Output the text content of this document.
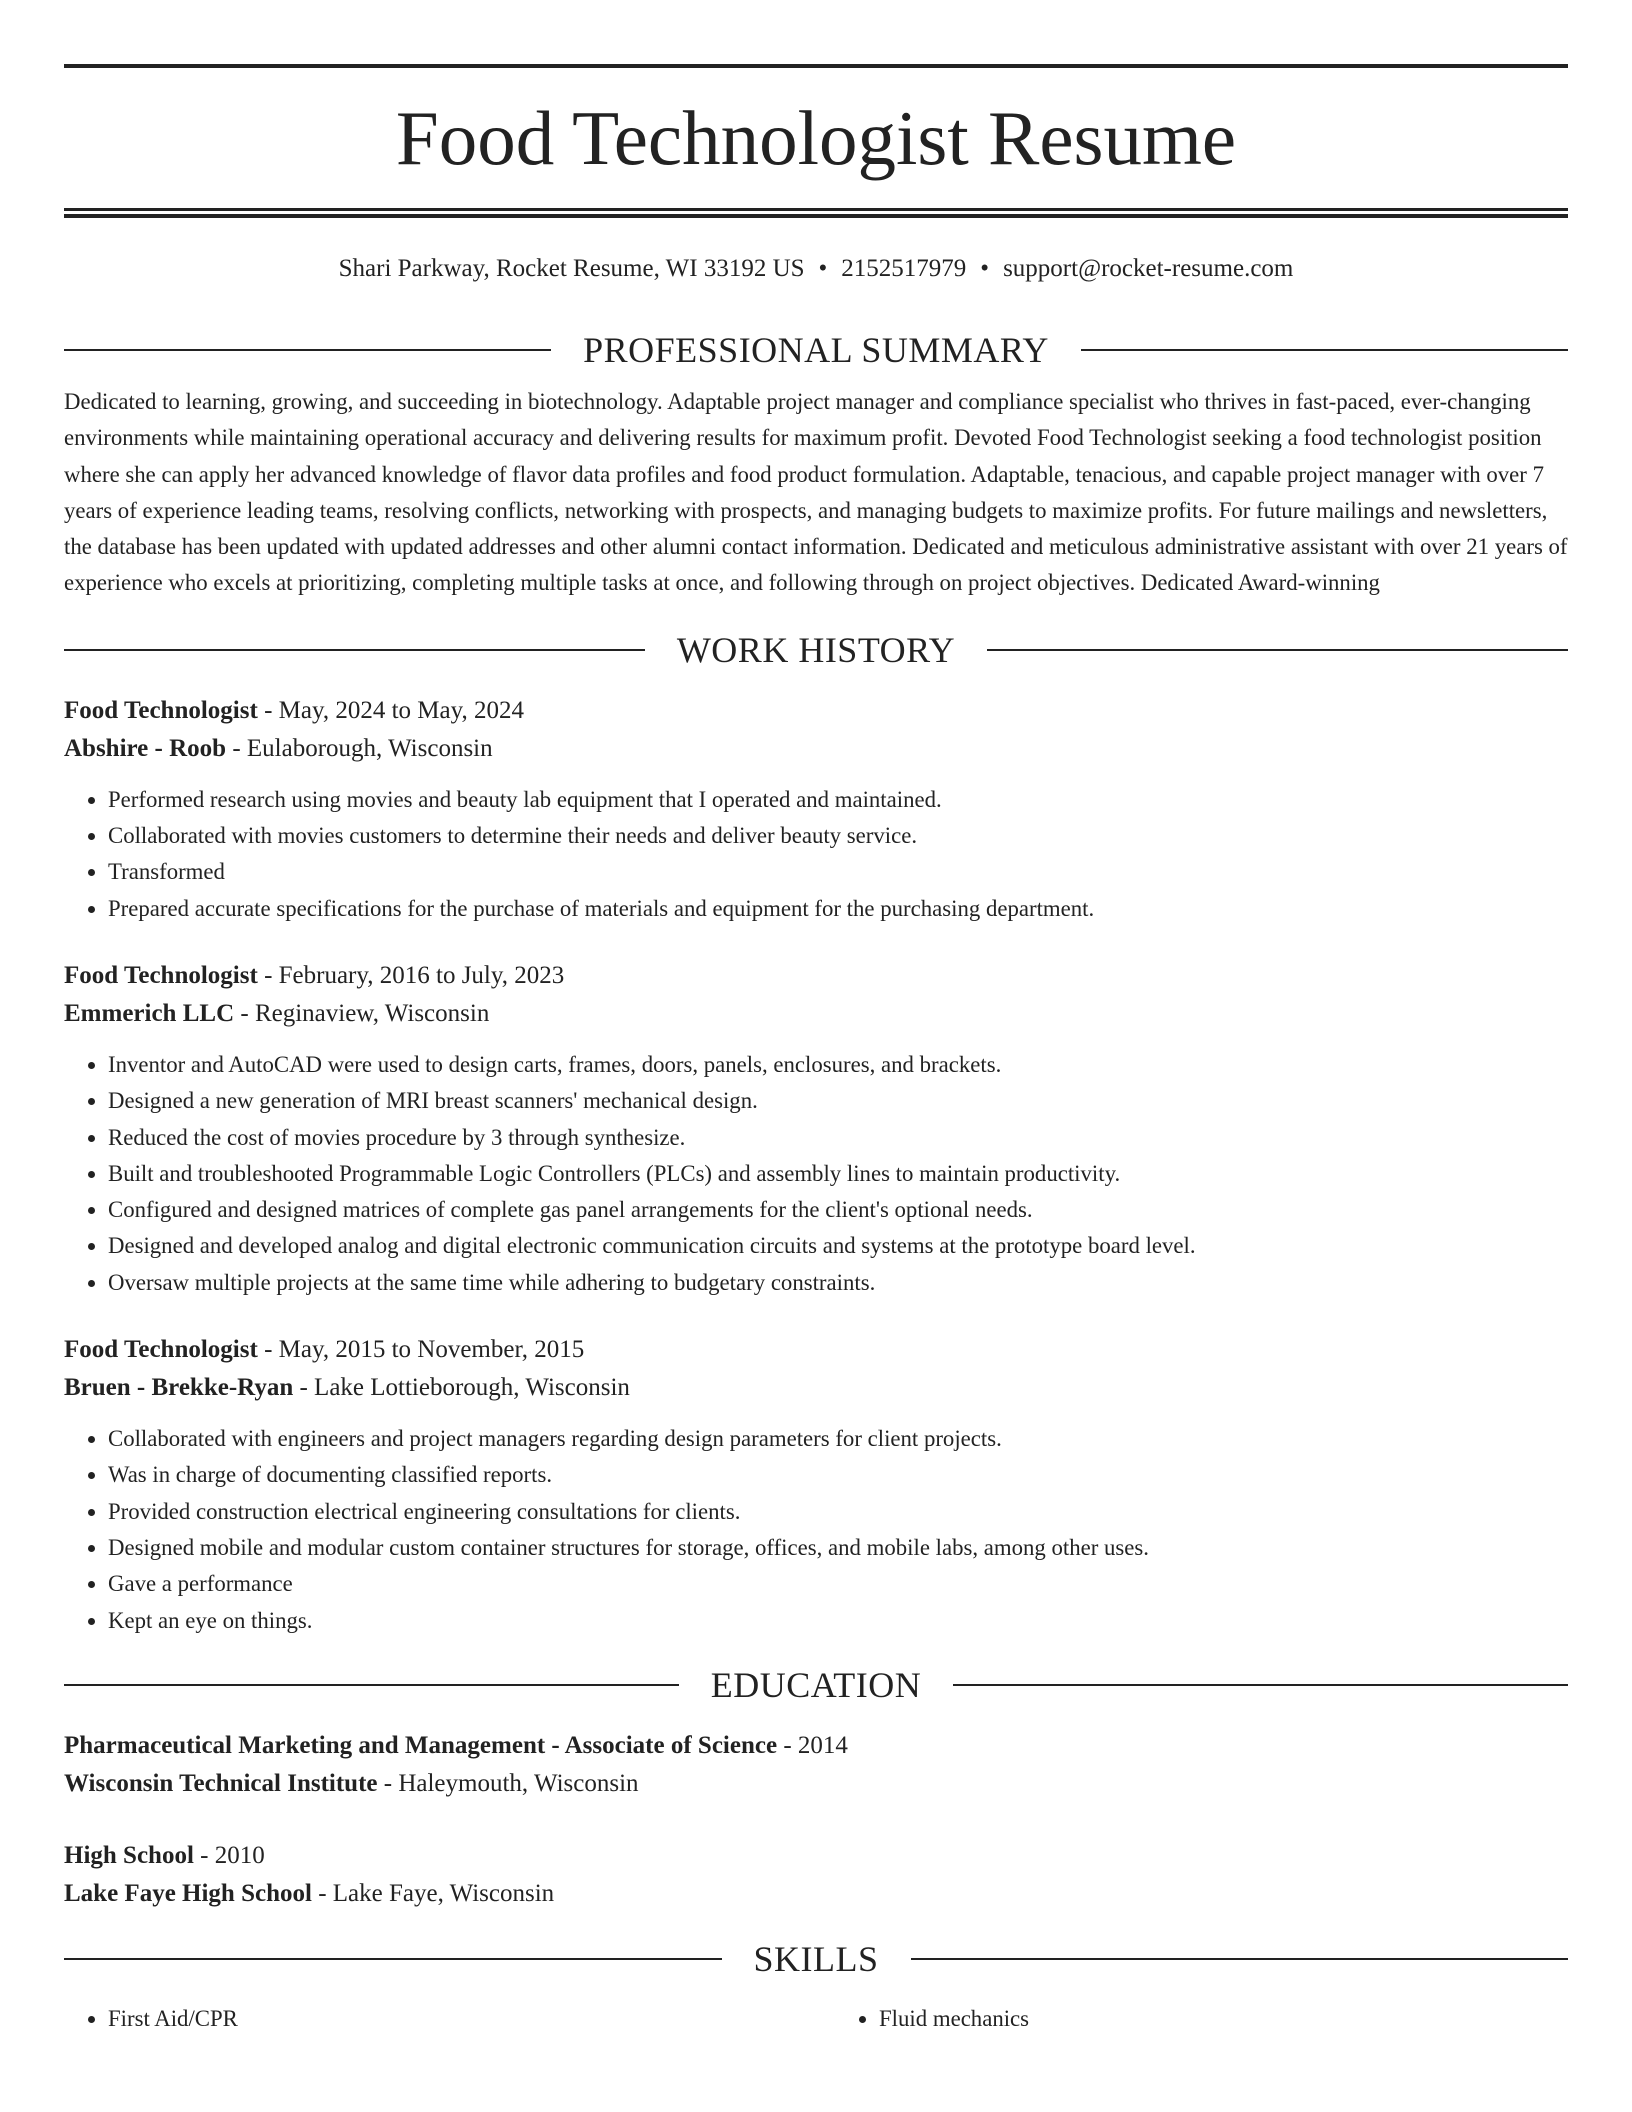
Food Technologist Resume
Shari Parkway, Rocket Resume, WI 33192 US • 2152517979 • support@rocket-resume.com
PROFESSIONAL SUMMARY
Dedicated to learning, growing, and succeeding in biotechnology. Adaptable project manager and compliance specialist who thrives in fast-paced, ever-changing environments while maintaining operational accuracy and delivering results for maximum profit. Devoted Food Technologist seeking a food technologist position where she can apply her advanced knowledge of flavor data profiles and food product formulation. Adaptable, tenacious, and capable project manager with over 7 years of experience leading teams, resolving conflicts, networking with prospects, and managing budgets to maximize profits. For future mailings and newsletters, the database has been updated with updated addresses and other alumni contact information. Dedicated and meticulous administrative assistant with over 21 years of experience who excels at prioritizing, completing multiple tasks at once, and following through on project objectives. Dedicated Award-winning
WORK HISTORY
Food Technologist - May, 2024 to May, 2024
Abshire - Roob - Eulaborough, Wisconsin
• Performed research using movies and beauty lab equipment that I operated and maintained.
• Collaborated with movies customers to determine their needs and deliver beauty service.
• Transformed
• Prepared accurate specifications for the purchase of materials and equipment for the purchasing department.
Food Technologist - February, 2016 to July, 2023
Emmerich LLC - Reginaview, Wisconsin
• Inventor and AutoCAD were used to design carts, frames, doors, panels, enclosures, and brackets.
• Designed a new generation of MRI breast scanners' mechanical design.
• Reduced the cost of movies procedure by 3 through synthesize.
• Built and troubleshooted Programmable Logic Controllers (PLCs) and assembly lines to maintain productivity.
• Configured and designed matrices of complete gas panel arrangements for the client's optional needs.
• Designed and developed analog and digital electronic communication circuits and systems at the prototype board level.
• Oversaw multiple projects at the same time while adhering to budgetary constraints.
Food Technologist - May, 2015 to November, 2015
Bruen - Brekke-Ryan - Lake Lottieborough, Wisconsin
• Collaborated with engineers and project managers regarding design parameters for client projects.
• Was in charge of documenting classified reports.
• Provided construction electrical engineering consultations for clients.
• Designed mobile and modular custom container structures for storage, offices, and mobile labs, among other uses.
• Gave a performance
• Kept an eye on things.
EDUCATION
Pharmaceutical Marketing and Management - Associate of Science - 2014
Wisconsin Technical Institute - Haleymouth, Wisconsin
High School - 2010
Lake Faye High School - Lake Faye, Wisconsin
SKILLS
• First Aid/CPR
•	Fluid mechanics
